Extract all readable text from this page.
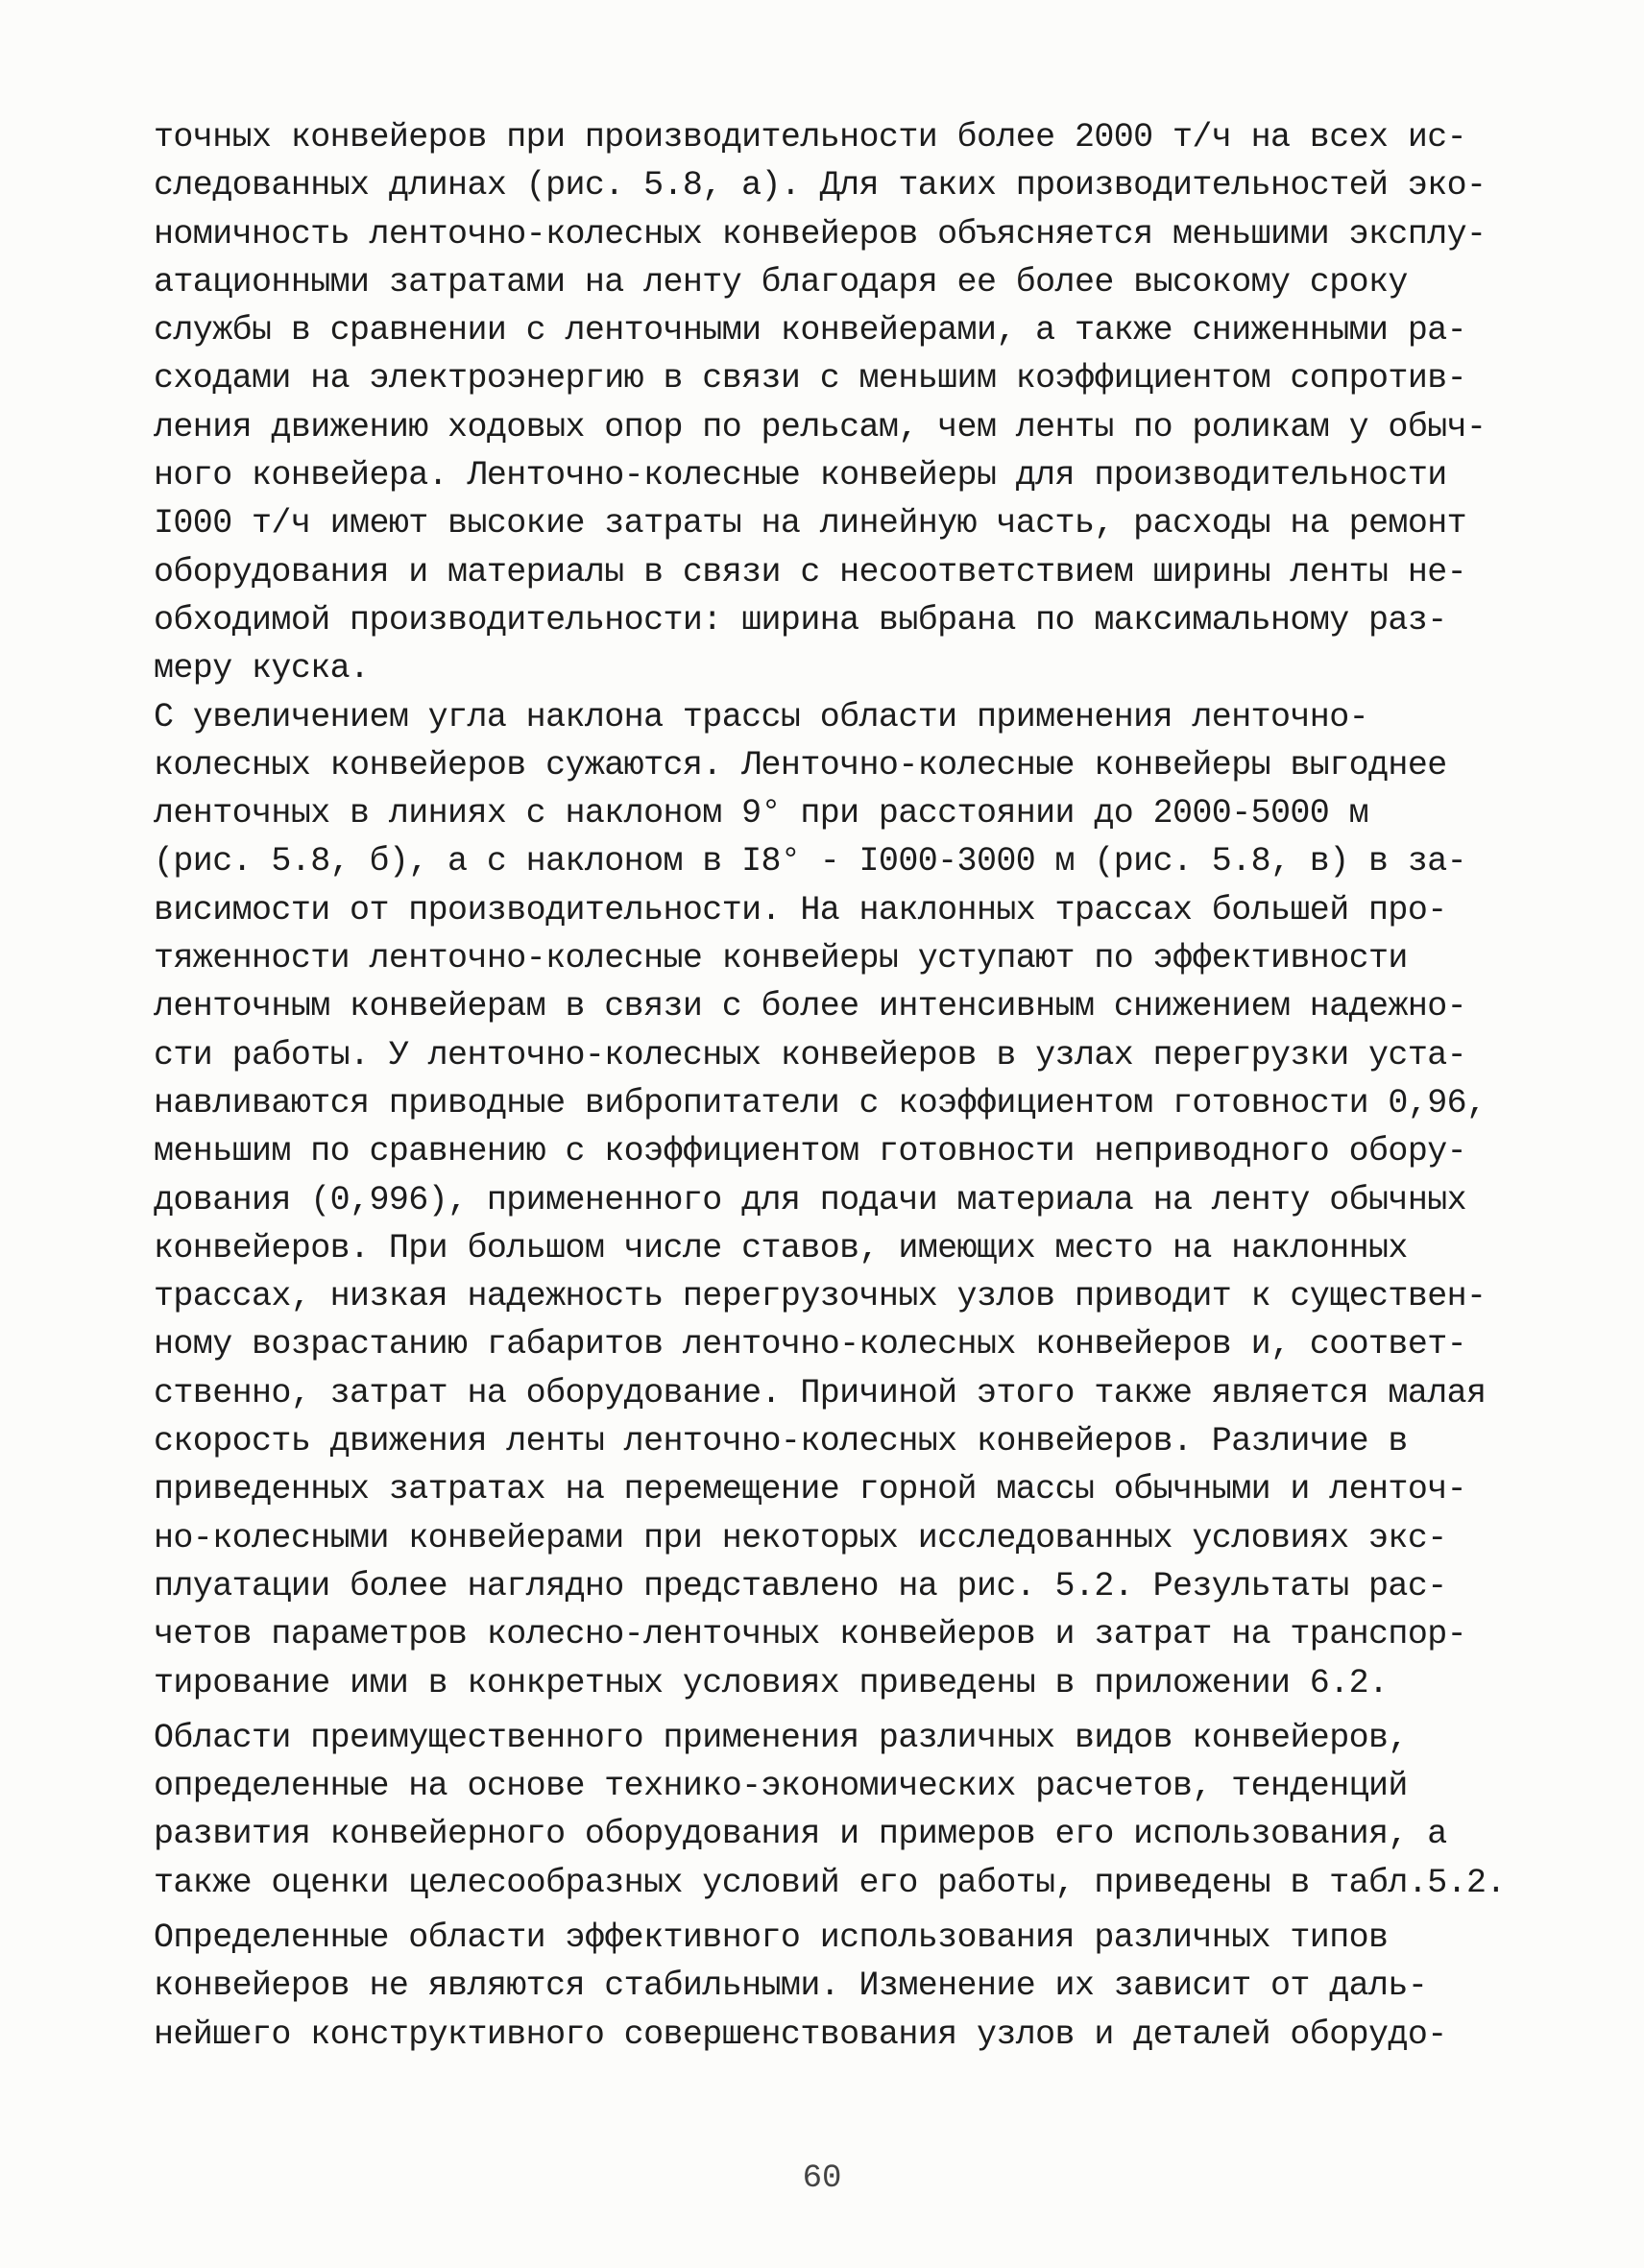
точных конвейеров при производительности более 2000 т/ч на всех ис-
следованных длинах (рис. 5.8, а). Для таких производительностей эко-
номичность ленточно-колесных конвейеров объясняется меньшими эксплу-
атационными затратами на ленту благодаря ее более высокому сроку
службы в сравнении с ленточными конвейерами, а также сниженными ра-
сходами на электроэнергию в связи с меньшим коэффициентом сопротив-
ления движению ходовых опор по рельсам, чем ленты по роликам у обыч-
ного конвейера. Ленточно-колесные конвейеры для производительности
I000 т/ч имеют высокие затраты на линейную часть, расходы на ремонт
оборудования и материалы в связи с несоответствием ширины ленты не-
обходимой производительности: ширина выбрана по максимальному раз-
меру куска.
С увеличением угла наклона трассы области применения ленточно-
колесных конвейеров сужаются. Ленточно-колесные конвейеры выгоднее
ленточных в линиях с наклоном 9° при расстоянии до 2000-5000 м
(рис. 5.8, б), а с наклоном в I8° - I000-3000 м (рис. 5.8, в) в за-
висимости от производительности. На наклонных трассах большей про-
тяженности ленточно-колесные конвейеры уступают по эффективности
ленточным конвейерам в связи с более интенсивным снижением надежно-
сти работы. У ленточно-колесных конвейеров в узлах перегрузки уста-
навливаются приводные вибропитатели с коэффициентом готовности 0,96,
меньшим по сравнению с коэффициентом готовности неприводного обору-
дования (0,996), примененного для подачи материала на ленту обычных
конвейеров. При большом числе ставов, имеющих место на наклонных
трассах, низкая надежность перегрузочных узлов приводит к существен-
ному возрастанию габаритов ленточно-колесных конвейеров и, соответ-
ственно, затрат на оборудование. Причиной этого также является малая
скорость движения ленты ленточно-колесных конвейеров. Различие в
приведенных затратах на перемещение горной массы обычными и ленточ-
но-колесными конвейерами при некоторых исследованных условиях экс-
плуатации более наглядно представлено на рис. 5.2. Результаты рас-
четов параметров колесно-ленточных конвейеров и затрат на транспор-
тирование ими в конкретных условиях приведены в приложении 6.2.
Области преимущественного применения различных видов конвейеров,
определенные на основе технико-экономических расчетов, тенденций
развития конвейерного оборудования и примеров его использования, а
также оценки целесообразных условий его работы, приведены в табл.5.2.
Определенные области эффективного использования различных типов
конвейеров не являются стабильными. Изменение их зависит от даль-
нейшего конструктивного совершенствования узлов и деталей оборудо-
60
